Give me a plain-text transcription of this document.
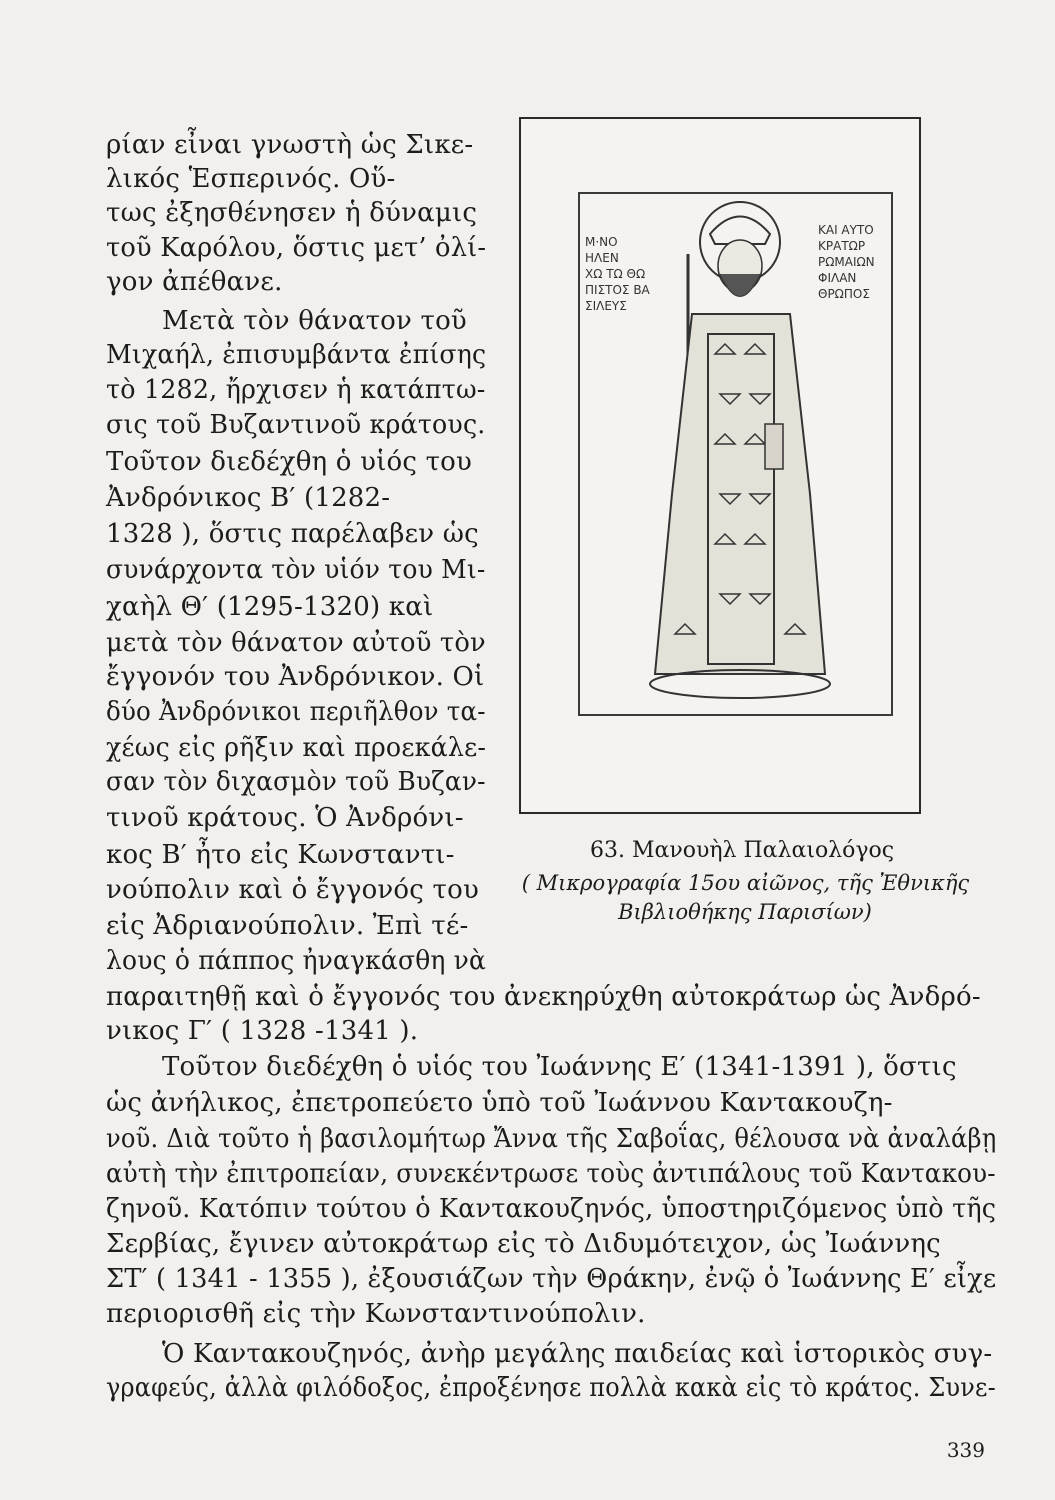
ρίαν εἶναι γνωστὴ ὡς Σικε-
λικός Ἑσπερινός. Οὕ-
τως ἐξησθένησεν ἡ δύναμις
τοῦ Καρόλου, ὅστις μετ’ ὀλί-
γον ἀπέθανε.
Μετὰ τὸν θάνατον τοῦ
Μιχαήλ, ἐπισυμβάντα ἐπίσης
τὸ 1282, ἤρχισεν ἡ κατάπτω-
σις τοῦ Βυζαντινοῦ κράτους.
Τοῦτον διεδέχθη ὁ υἱός του
Ἀνδρόνικος Β′ (1282-
1328 ), ὅστις παρέλαβεν ὡς
συνάρχοντα τὸν υἱόν του Μι-
χαὴλ Θ′ (1295-1320) καὶ
μετὰ τὸν θάνατον αὐτοῦ τὸν
ἔγγονόν του Ἀνδρόνικον. Οἱ
δύο Ἀνδρόνικοι περιῆλθον τα-
χέως εἰς ρῆξιν καὶ προεκάλε-
σαν τὸν διχασμὸν τοῦ Βυζαν-
τινοῦ κράτους. Ὁ Ἀνδρόνι-
κος Β′ ἦτο εἰς Κωνσταντι-
νούπολιν καὶ ὁ ἔγγονός του
εἰς Ἀδριανούπολιν. Ἐπὶ τέ-
λους ὁ πάππος ἠναγκάσθη νὰ
Μ·ΝΟ
ΗΛΕΝ
ΧΩ ΤΩ ΘΩ
ΠΙΣΤΟΣ ΒΑ
ΣΙΛΕΥΣ
ΚΑΙ ΑΥΤΟ
ΚΡΑΤΩΡ
ΡΩΜΑΙΩΝ
ΦΙΛΑΝ
ΘΡΩΠΟΣ
63. Μανουὴλ Παλαιολόγος
( Μικρογραφία 15ου αἰῶνος, τῆς Ἐθνικῆς
Βιβλιοθήκης Παρισίων)
παραιτηθῇ καὶ ὁ ἔγγονός του ἀνεκηρύχθη αὐτοκράτωρ ὡς Ἀνδρό-
νικος Γ′ ( 1328 -1341 ).
Τοῦτον διεδέχθη ὁ υἱός του Ἰωάννης Ε′ (1341-1391 ), ὅστις
ὡς ἀνήλικος, ἐπετροπεύετο ὑπὸ τοῦ Ἰωάννου Καντακουζη-
νοῦ. Διὰ τοῦτο ἡ βασιλομήτωρ Ἄννα τῆς Σαβοΐας, θέλουσα νὰ ἀναλάβῃ
αὐτὴ τὴν ἐπιτροπείαν, συνεκέντρωσε τοὺς ἀντιπάλους τοῦ Καντακου-
ζηνοῦ. Κατόπιν τούτου ὁ Καντακουζηνός, ὑποστηριζόμενος ὑπὸ τῆς
Σερβίας, ἔγινεν αὐτοκράτωρ εἰς τὸ Διδυμότειχον, ὡς Ἰωάννης
ΣΤ′ ( 1341 - 1355 ), ἐξουσιάζων τὴν Θράκην, ἐνῷ ὁ Ἰωάννης Ε′ εἶχε
περιορισθῆ εἰς τὴν Κωνσταντινούπολιν.
Ὁ Καντακουζηνός, ἀνὴρ μεγάλης παιδείας καὶ ἱστορικὸς συγ-
γραφεύς, ἀλλὰ φιλόδοξος, ἐπροξένησε πολλὰ κακὰ εἰς τὸ κράτος. Συνε-
339
